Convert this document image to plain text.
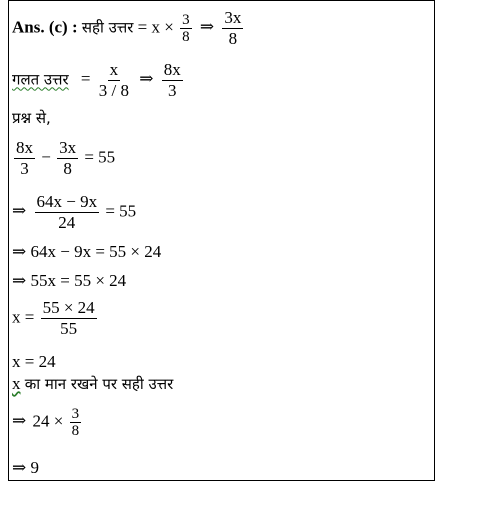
Ans. (c) : सही उत्तर = $x \times \frac{3}{8}$ ⇒ $\frac{3x}{8}$
गलत उत्तर = $\frac{x}{3 / 8}$ ⇒ $\frac{8x}{3}$
प्रश्न से,
$\frac{8x}{3} - \frac{3x}{8} = 55$
⇒ $\frac{64x - 9x}{24} = 55$
⇒ 64x − 9x = 55 × 24
⇒ 55x = 55 × 24
$x = \frac{55 \times 24}{55}$
x = 24
x का मान रखने पर सही उत्तर
⇒ $24 \times \frac{3}{8}$
⇒ 9
